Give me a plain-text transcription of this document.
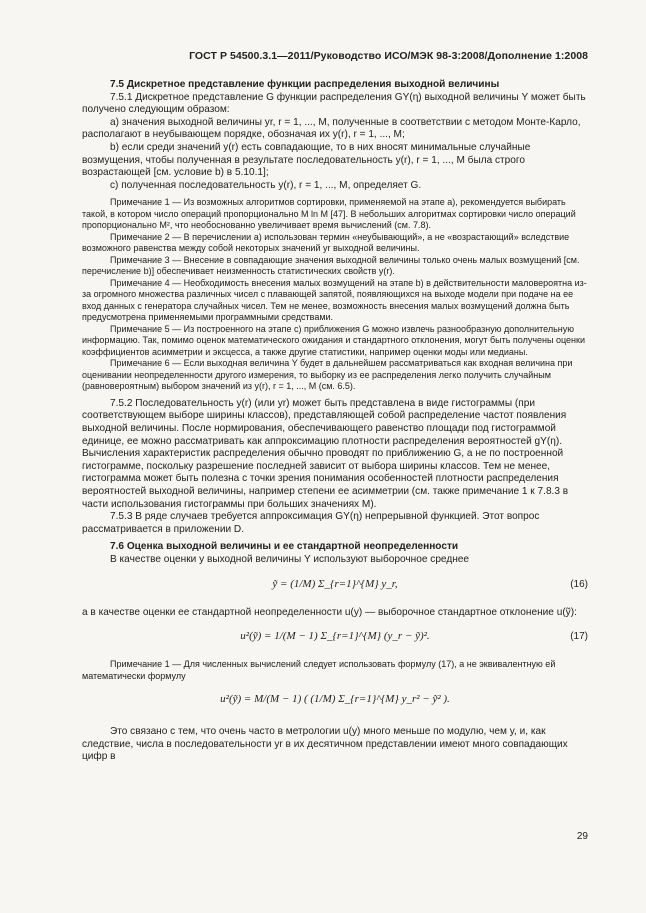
ГОСТ Р 54500.3.1—2011/Руководство ИСО/МЭК 98-3:2008/Дополнение 1:2008

7.5 Дискретное представление функции распределения выходной величины

7.5.1 Дискретное представление G функции распределения GY(η) выходной величины Y может быть получено следующим образом:

а) значения выходной величины yr, r = 1, ..., M, полученные в соответствии с методом Монте-Карло, располагают в неубывающем порядке, обозначая их y(r), r = 1, ..., M;

b) если среди значений y(r) есть совпадающие, то в них вносят минимальные случайные возмущения, чтобы полученная в результате последовательность y(r), r = 1, ..., M была строго возрастающей [см. условие b) в 5.10.1];

c) полученная последовательность y(r), r = 1, ..., M, определяет G.

Примечание 1 — Из возможных алгоритмов сортировки, применяемой на этапе а), рекомендуется выбирать такой, в котором число операций пропорционально M ln M [47]. В небольших алгоритмах сортировки число операций пропорционально M², что необоснованно увеличивает время вычислений (см. 7.8).

Примечание 2 — В перечислении а) использован термин «неубывающий», а не «возрастающий» вследствие возможного равенства между собой некоторых значений yr выходной величины.

Примечание 3 — Внесение в совпадающие значения выходной величины только очень малых возмущений [см. перечисление b)] обеспечивает неизменность статистических свойств y(r).

Примечание 4 — Необходимость внесения малых возмущений на этапе b) в действительности маловероятна из-за огромного множества различных чисел с плавающей запятой, появляющихся на выходе модели при подаче на ее вход данных с генератора случайных чисел. Тем не менее, возможность внесения малых возмущений должна быть предусмотрена применяемыми программными средствами.

Примечание 5 — Из построенного на этапе с) приближения G можно извлечь разнообразную дополнительную информацию. Так, помимо оценок математического ожидания и стандартного отклонения, могут быть получены оценки коэффициентов асимметрии и эксцесса, а также другие статистики, например оценки моды или медианы.

Примечание 6 — Если выходная величина Y будет в дальнейшем рассматриваться как входная величина при оценивании неопределенности другого измерения, то выборку из ее распределения легко получить случайным (равновероятным) выбором значений из y(r), r = 1, ..., M (см. 6.5).

7.5.2 Последовательность y(r) (или yr) может быть представлена в виде гистограммы (при соответствующем выборе ширины классов), представляющей собой распределение частот появления выходной величины. После нормирования, обеспечивающего равенство площади под гистограммой единице, ее можно рассматривать как аппроксимацию плотности распределения вероятностей gY(η). Вычисления характеристик распределения обычно проводят по приближению G, а не по построенной гистограмме, поскольку разрешение последней зависит от выбора ширины классов. Тем не менее, гистограмма может быть полезна с точки зрения понимания особенностей плотности распределения вероятностей выходной величины, например степени ее асимметрии (см. также примечание 1 к 7.8.3 в части использования гистограммы при больших значениях M).

7.5.3 В ряде случаев требуется аппроксимация GY(η) непрерывной функцией. Этот вопрос рассматривается в приложении D.

7.6 Оценка выходной величины и ее стандартной неопределенности

В качестве оценки y выходной величины Y используют выборочное среднее

ỹ = (1/M) Σ_{r=1}^{M} y_r,	(16)

а в качестве оценки ее стандартной неопределенности u(y) — выборочное стандартное отклонение u(ỹ):

u²(ỹ) = 1/(M − 1) Σ_{r=1}^{M} (y_r − ỹ)².	(17)

Примечание 1 — Для численных вычислений следует использовать формулу (17), а не эквивалентную ей математически формулу

u²(ỹ) = M/(M − 1) ( (1/M) Σ_{r=1}^{M} y_r² − ỹ² ).

Это связано с тем, что очень часто в метрологии u(y) много меньше по модулю, чем y, и, как следствие, числа в последовательности yr в их десятичном представлении имеют много совпадающих цифр в

29
